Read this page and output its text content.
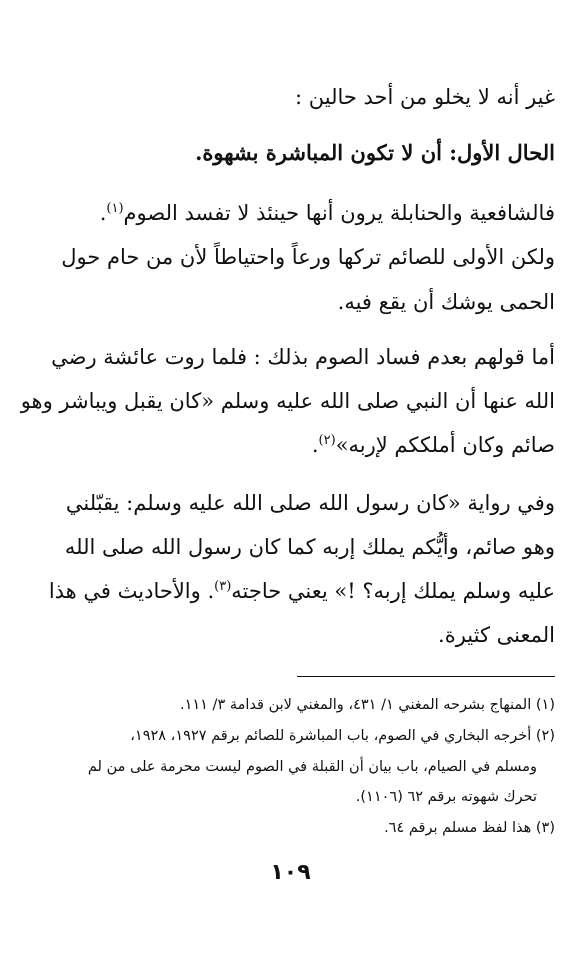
غير أنه لا يخلو من أحد حالين :
الحال الأول: أن لا تكون المباشرة بشهوة.
فالشافعية والحنابلة يرون أنها حينئذ لا تفسد الصوم$^{(١)}$.
ولكن الأولى للصائم تركها ورعاً واحتياطاً لأن من حام حول
الحمى يوشك أن يقع فيه.
أما قولهم بعدم فساد الصوم بذلك : فلما روت عائشة رضي
الله عنها أن النبي صلى الله عليه وسلم «كان يقبل ويباشر وهو
صائم وكان أملككم لإربه»$^{(٢)}$.
وفي رواية «كان رسول الله صلى الله عليه وسلم: يقبّلني
وهو صائم، وأيُّكم يملك إربه كما كان رسول الله صلى الله
عليه وسلم يملك إربه؟ !» يعني حاجته$^{(٣)}$. والأحاديث في هذا
المعنى كثيرة.
(١) المنهاج بشرحه المغني ١/ ٤٣١، والمغني لابن قدامة ٣/ ١١١.
(٢) أخرجه البخاري في الصوم، باب المباشرة للصائم برقم ١٩٢٧، ١٩٢٨،
ومسلم في الصيام، باب بيان أن القبلة في الصوم ليست محرمة على من لم
تحرك شهوته برقم ٦٢ (١١٠٦).
(٣) هذا لفظ مسلم برقم ٦٤.
١٠٩
